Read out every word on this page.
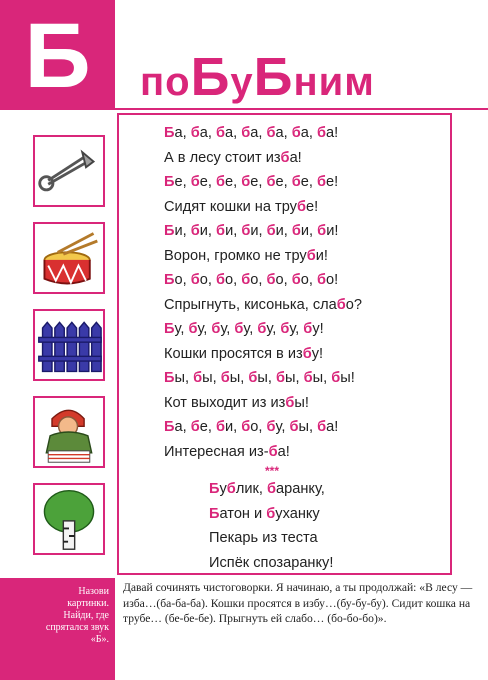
Б	поБуБним
Ба, ба, ба, ба, ба, ба, ба!
А в лесу стоит изба!
Бе, бе, бе, бе, бе, бе, бе!
Сидят кошки на трубе!
Би, би, би, би, би, би, би!
Ворон, громко не труби!
Бо, бо, бо, бо, бо, бо, бо!
Спрыгнуть, кисонька, слабо?
Бу, бу, бу, бу, бу, бу, бу!
Кошки просятся в избу!
Бы, бы, бы, бы, бы, бы, бы!
Кот выходит из избы!
Ба, бе, би, бо, бу, бы, ба!
Интересная из-ба!
***
Бублик, баранку,
Батон и буханку
Пекарь из теста
Испёк спозаранку!
Назови картинки. Найди, где спрятался звук «Б».
Давай сочинять чистоговорки. Я начинаю, а ты продолжай: «В лесу — изба…(ба-ба-ба). Кошки просятся в избу…(бу-бу-бу). Сидит кошка на трубе… (бе-бе-бе). Прыгнуть ей слабо… (бо-бо-бо)».
